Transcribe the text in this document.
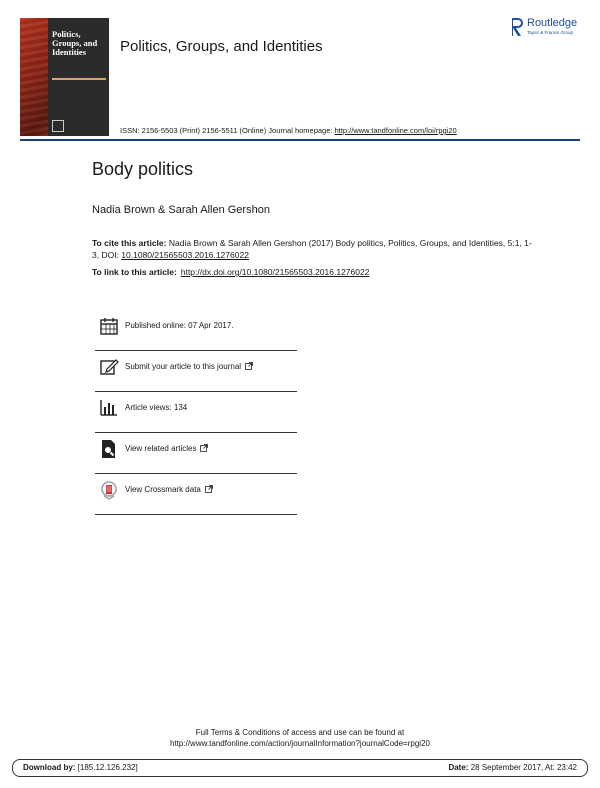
Politics, Groups, and Identities	Politics, Groups, and Identities
Routledge
Taylor & Francis Group
ISSN: 2156-5503 (Print) 2156-5511 (Online) Journal homepage: http://www.tandfonline.com/loi/rpgi20
Body politics
Nadia Brown & Sarah Allen Gershon
To cite this article: Nadia Brown & Sarah Allen Gershon (2017) Body politics, Politics, Groups, and Identities, 5:1, 1-3, DOI: 10.1080/21565503.2016.1276022
To link to this article: http://dx.doi.org/10.1080/21565503.2016.1276022
Published online: 07 Apr 2017.
Submit your article to this journal
Article views: 134
View related articles
View Crossmark data
Full Terms & Conditions of access and use can be found at
http://www.tandfonline.com/action/journalInformation?journalCode=rpgi20
Download by: [185.12.126.232]	Date: 28 September 2017, At: 23:42
